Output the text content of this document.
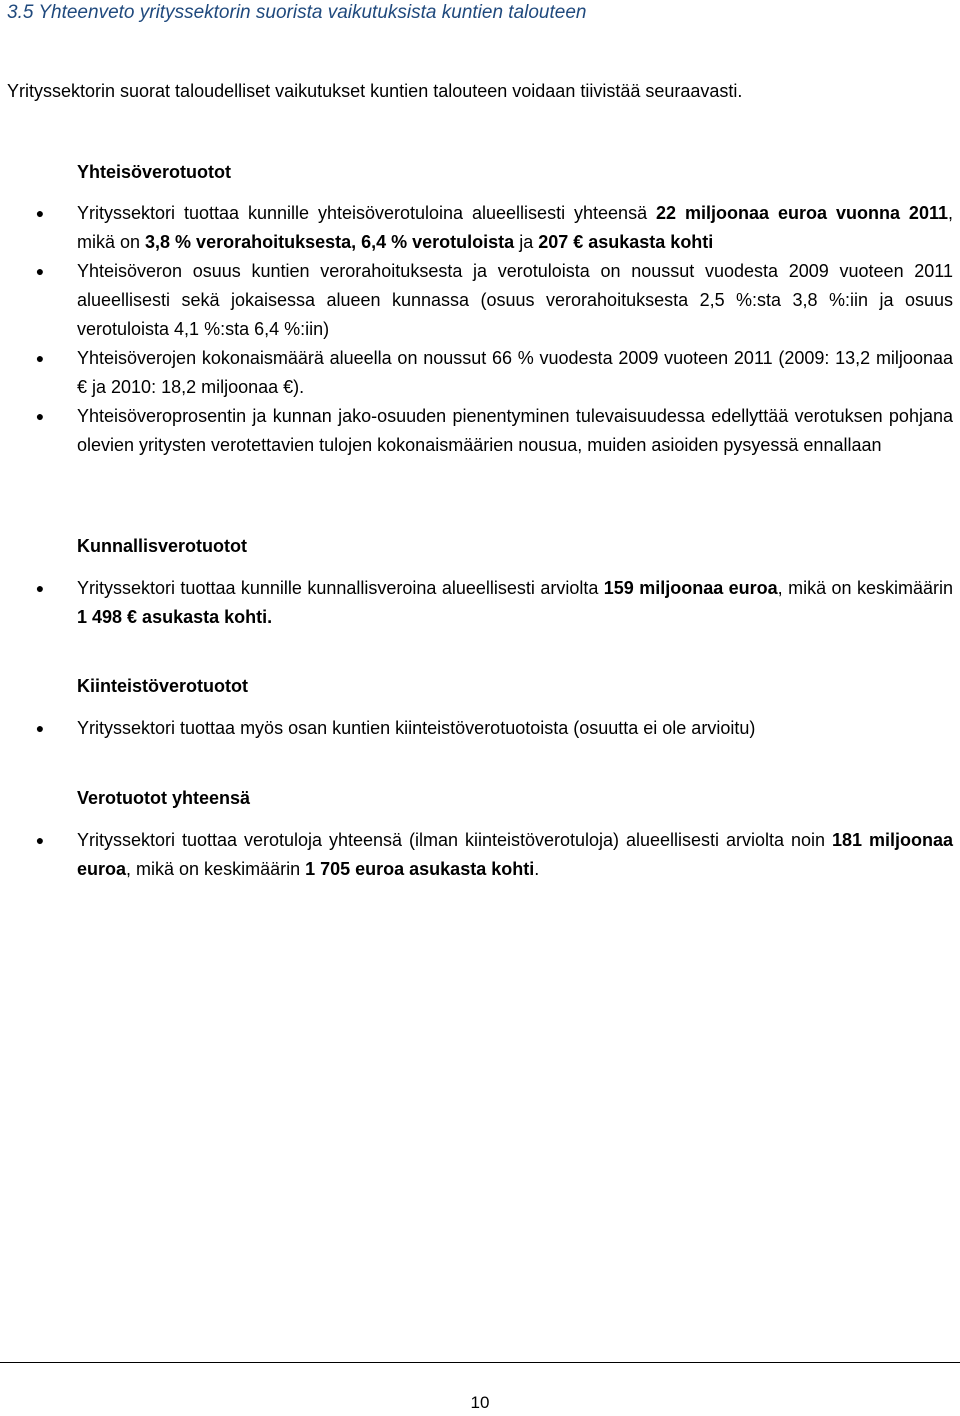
3.5 Yhteenveto yrityssektorin suorista vaikutuksista kuntien talouteen
Yrityssektorin suorat taloudelliset vaikutukset kuntien talouteen voidaan tiivistää seuraavasti.
Yhteisöverotuotot
● Yrityssektori tuottaa kunnille yhteisöverotuloina alueellisesti yhteensä 22 miljoonaa euroa vuonna 2011, mikä on 3,8 % verorahoituksesta, 6,4 % verotuloista ja 207 € asukasta kohti
● Yhteisöveron osuus kuntien verorahoituksesta ja verotuloista on noussut vuodesta 2009 vuoteen 2011 alueellisesti sekä jokaisessa alueen kunnassa (osuus verorahoituksesta 2,5 %:sta 3,8 %:iin ja osuus verotuloista 4,1 %:sta 6,4 %:iin)
● Yhteisöverojen kokonaismäärä alueella on noussut 66 % vuodesta 2009 vuoteen 2011 (2009: 13,2 miljoonaa € ja 2010: 18,2 miljoonaa €).
● Yhteisöveroprosentin ja kunnan jako-osuuden pienentyminen tulevaisuudessa edellyttää verotuksen pohjana olevien yritysten verotettavien tulojen kokonaismäärien nousua, muiden asioiden pysyessä ennallaan
Kunnallisverotuotot
● Yrityssektori tuottaa kunnille kunnallisveroina alueellisesti arviolta 159 miljoonaa euroa, mikä on keskimäärin 1 498 € asukasta kohti.
Kiinteistöverotuotot
● Yrityssektori tuottaa myös osan kuntien kiinteistöverotuotoista (osuutta ei ole arvioitu)
Verotuotot yhteensä
● Yrityssektori tuottaa verotuloja yhteensä (ilman kiinteistöverotuloja) alueellisesti arviolta noin 181 miljoonaa euroa, mikä on keskimäärin 1 705 euroa asukasta kohti.
10
